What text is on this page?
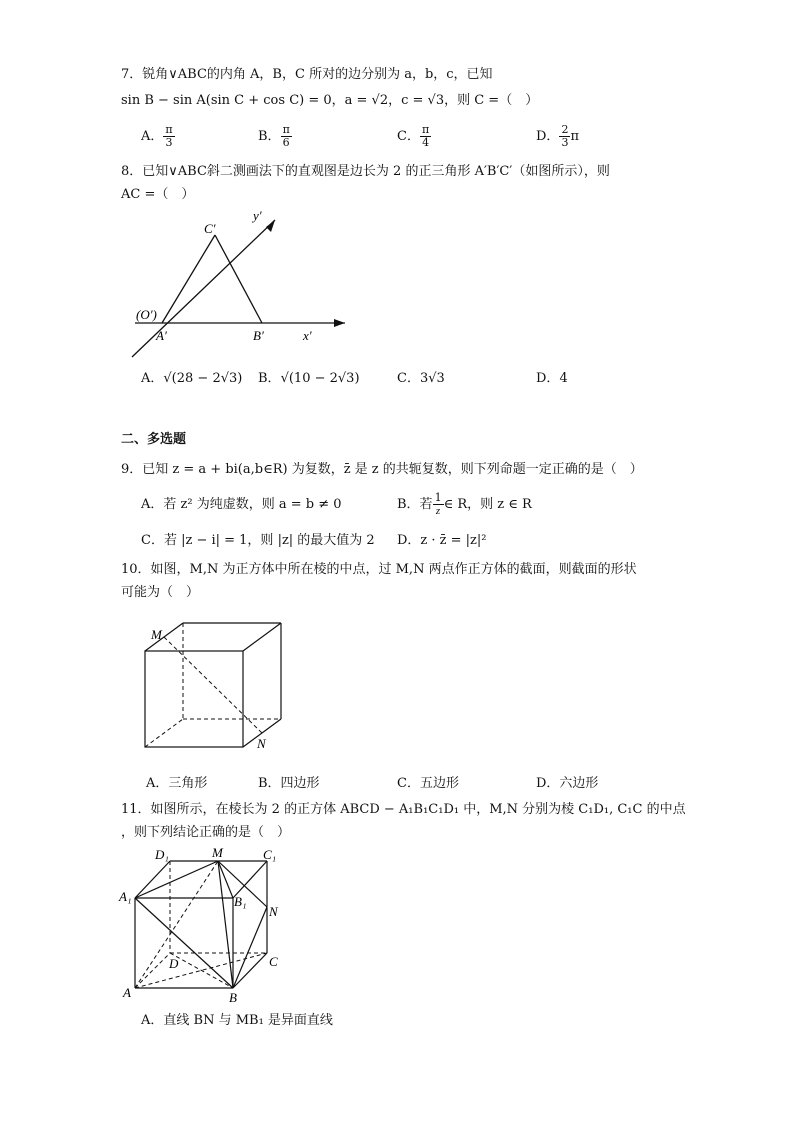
7．锐角∨ABC的内角 A，B，C 所对的边分别为 a，b，c，已知
sin B − sin A(sin C + cos C) = 0，a = √2，c = √3，则 C =（　）
A． $\frac{\pi}{3}$	B． $\frac{\pi}{6}$	C． $\frac{\pi}{4}$	D． $\frac{2}{3}$ π
8．已知∨ABC斜二测画法下的直观图是边长为 2 的正三角形 A′B′C′（如图所示），则
AC =（　）
C′
y′
(O′)
A′	B′	x′
A．√(28 − 2√3) B．√(10 − 2√3)	C．3√3	D．4
二、多选题
9．已知 z = a + bi(a,b∈R) 为复数，z̄ 是 z 的共轭复数，则下列命题一定正确的是（　）
A．若 z² 为纯虚数，则 a = b ≠ 0	B．若 $\frac{1}{z}$ ∈ R，则 z ∈ R
C．若 |z − i| = 1，则 |z| 的最大值为 2 D．z · z̄ = |z|²
10．如图，M,N 为正方体中所在棱的中点，过 M,N 两点作正方体的截面，则截面的形状
可能为（　）
M
N
A．三角形	B．四边形	C．五边形	D．六边形
11．如图所示，在棱长为 2 的正方体 ABCD − A₁B₁C₁D₁ 中，M,N 分别为棱 C₁D₁, C₁C 的中点
，则下列结论正确的是（　）
D₁	M	C₁
A₁	B₁
N
D	C
A	B
A．直线 BN 与 MB₁ 是异面直线
